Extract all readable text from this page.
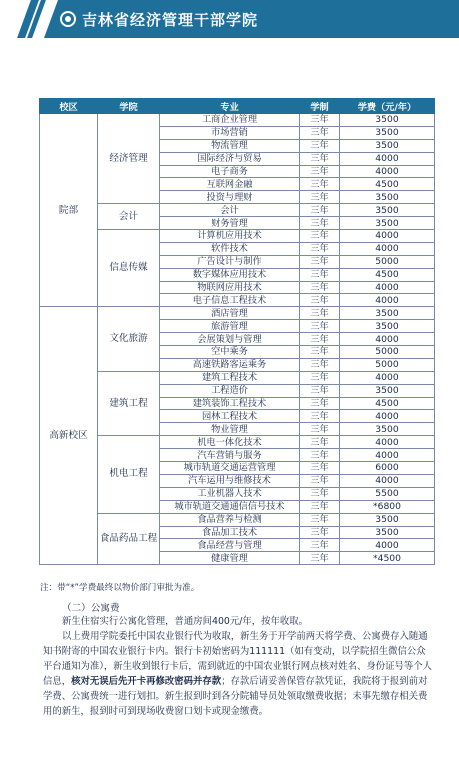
吉林省经济管理干部学院
校区	学院	专业	学制	学费（元/年）
院部	经济管理	工商企业管理	三年	3500
		市场营销	三年	3500
		物流管理	三年	3500
		国际经济与贸易	三年	4000
		电子商务	三年	4000
		互联网金融	三年	4500
		投资与理财	三年	3500
	会计	会计	三年	3500
		财务管理	三年	3500
	信息传媒	计算机应用技术	三年	4000
		软件技术	三年	4000
		广告设计与制作	三年	5000
		数字媒体应用技术	三年	4500
		物联网应用技术	三年	4000
		电子信息工程技术	三年	4000
高新校区	文化旅游	酒店管理	三年	3500
		旅游管理	三年	3500
		会展策划与管理	三年	4000
		空中乘务	三年	5000
		高速铁路客运乘务	三年	5000
	建筑工程	建筑工程技术	三年	4000
		工程造价	三年	3500
		建筑装饰工程技术	三年	4500
		园林工程技术	三年	4000
		物业管理	三年	3500
	机电工程	机电一体化技术	三年	4000
		汽车营销与服务	三年	4000
		城市轨道交通运营管理	三年	6000
		汽车运用与维修技术	三年	4000
		工业机器人技术	三年	5500
		城市轨道交通通信信号技术	三年	*6800
	食品药品工程	食品营养与检测	三年	3500
		食品加工技术	三年	3500
		食品经营与管理	三年	4000
		健康管理	三年	*4500
注：带“*”学费最终以物价部门审批为准。
（二）公寓费
新生住宿实行公寓化管理，普通房间400元/年，按年收取。
以上费用学院委托中国农业银行代为收取，新生务于开学前两天将学费、公寓费存入随通知书附寄的中国农业银行卡内。银行卡初始密码为111111（如有变动，以学院招生微信公众平台通知为准），新生收到银行卡后，需到就近的中国农业银行网点核对姓名、身份证号等个人信息，核对无误后先开卡再修改密码并存款；存款后请妥善保管存款凭证，我院将于报到前对学费、公寓费统一进行划扣。新生报到时到各分院辅导员处领取缴费收据；未事先缴存相关费用的新生，报到时可到现场收费窗口划卡或现金缴费。
